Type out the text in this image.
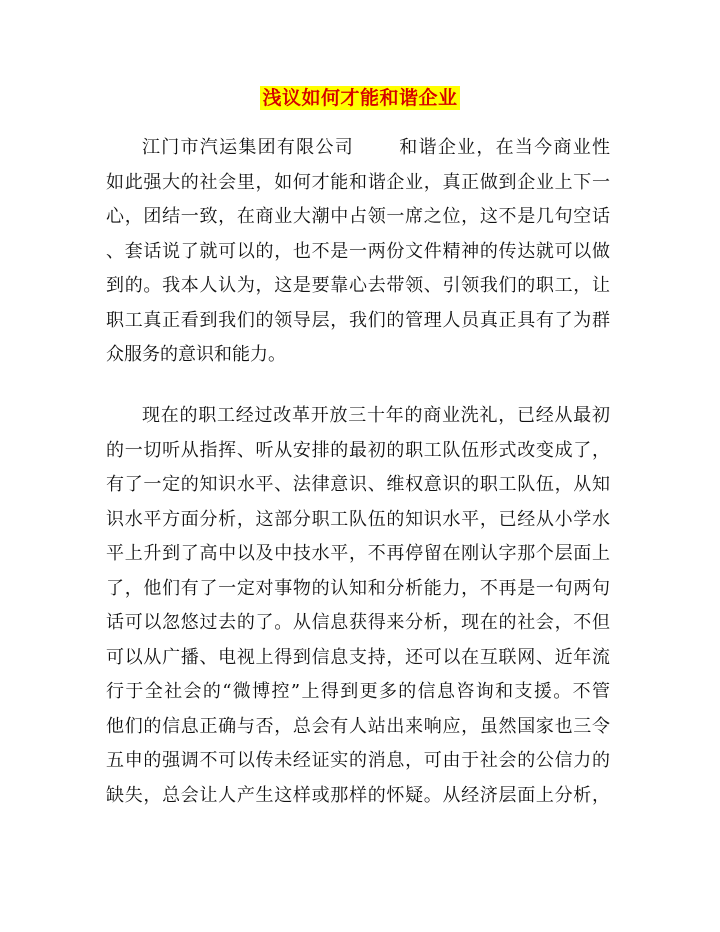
浅议如何才能和谐企业
江门市汽运集团有限公司 和谐企业，在当今商业性
如此强大的社会里，如何才能和谐企业，真正做到企业上下一
心，团结一致，在商业大潮中占领一席之位，这不是几句空话
、套话说了就可以的，也不是一两份文件精神的传达就可以做
到的。我本人认为，这是要靠心去带领、引领我们的职工，让
职工真正看到我们的领导层，我们的管理人员真正具有了为群
众服务的意识和能力。
现在的职工经过改革开放三十年的商业洗礼，已经从最初
的一切听从指挥、听从安排的最初的职工队伍形式改变成了，
有了一定的知识水平、法律意识、维权意识的职工队伍，从知
识水平方面分析，这部分职工队伍的知识水平，已经从小学水
平上升到了高中以及中技水平，不再停留在刚认字那个层面上
了，他们有了一定对事物的认知和分析能力，不再是一句两句
话可以忽悠过去的了。从信息获得来分析，现在的社会，不但
可以从广播、电视上得到信息支持，还可以在互联网、近年流
行于全社会的“微博控”上得到更多的信息咨询和支援。不管
他们的信息正确与否，总会有人站出来响应，虽然国家也三令
五申的强调不可以传未经证实的消息，可由于社会的公信力的
缺失，总会让人产生这样或那样的怀疑。从经济层面上分析，
